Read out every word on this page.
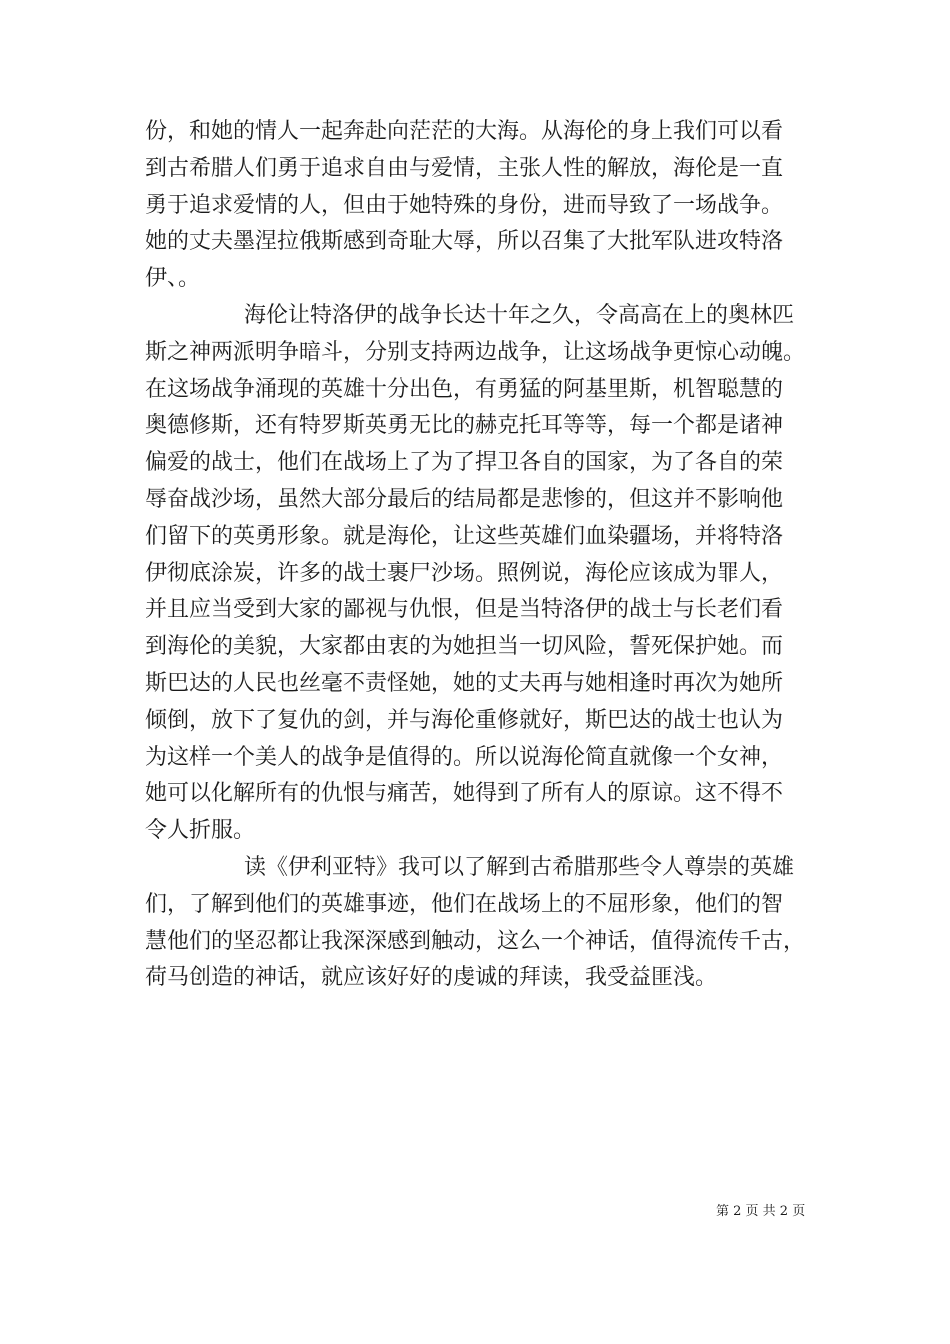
份，和她的情人一起奔赴向茫茫的大海。从海伦的身上我们可以看
到古希腊人们勇于追求自由与爱情，主张人性的解放，海伦是一直
勇于追求爱情的人，但由于她特殊的身份，进而导致了一场战争。
她的丈夫墨涅拉俄斯感到奇耻大辱，所以召集了大批军队进攻特洛
伊、。
海伦让特洛伊的战争长达十年之久，令高高在上的奥林匹
斯之神两派明争暗斗，分别支持两边战争，让这场战争更惊心动魄。
在这场战争涌现的英雄十分出色，有勇猛的阿基里斯，机智聪慧的
奥德修斯，还有特罗斯英勇无比的赫克托耳等等，每一个都是诸神
偏爱的战士，他们在战场上了为了捍卫各自的国家，为了各自的荣
辱奋战沙场，虽然大部分最后的结局都是悲惨的，但这并不影响他
们留下的英勇形象。就是海伦，让这些英雄们血染疆场，并将特洛
伊彻底涂炭，许多的战士裹尸沙场。照例说，海伦应该成为罪人，
并且应当受到大家的鄙视与仇恨，但是当特洛伊的战士与长老们看
到海伦的美貌，大家都由衷的为她担当一切风险，誓死保护她。而
斯巴达的人民也丝毫不责怪她，她的丈夫再与她相逢时再次为她所
倾倒，放下了复仇的剑，并与海伦重修就好，斯巴达的战士也认为
为这样一个美人的战争是值得的。所以说海伦简直就像一个女神，
她可以化解所有的仇恨与痛苦，她得到了所有人的原谅。这不得不
令人折服。
读《伊利亚特》我可以了解到古希腊那些令人尊崇的英雄
们，了解到他们的英雄事迹，他们在战场上的不屈形象，他们的智
慧他们的坚忍都让我深深感到触动，这么一个神话，值得流传千古，
荷马创造的神话，就应该好好的虔诚的拜读，我受益匪浅。
第 2 页 共 2 页
